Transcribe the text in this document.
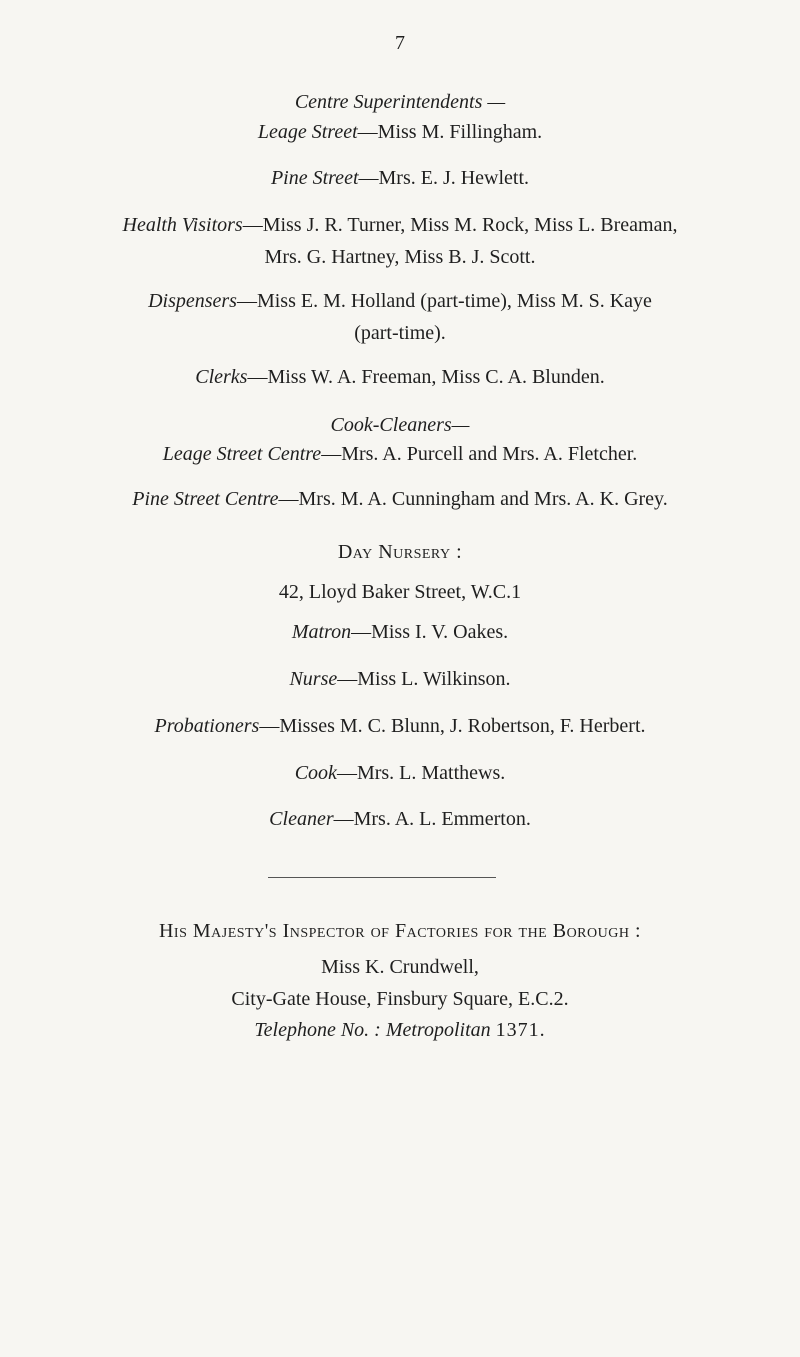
7
Centre Superintendents —
Leage Street—Miss M. Fillingham.
Pine Street—Mrs. E. J. Hewlett.
Health Visitors—Miss J. R. Turner, Miss M. Rock, Miss L. Breaman,
Mrs. G. Hartney, Miss B. J. Scott.
Dispensers—Miss E. M. Holland (part-time), Miss M. S. Kaye
(part-time).
Clerks—Miss W. A. Freeman, Miss C. A. Blunden.
Cook-Cleaners—
Leage Street Centre—Mrs. A. Purcell and Mrs. A. Fletcher.
Pine Street Centre—Mrs. M. A. Cunningham and Mrs. A. K. Grey.
Day Nursery :
42, Lloyd Baker Street, W.C.1
Matron—Miss I. V. Oakes.
Nurse—Miss L. Wilkinson.
Probationers—Misses M. C. Blunn, J. Robertson, F. Herbert.
Cook—Mrs. L. Matthews.
Cleaner—Mrs. A. L. Emmerton.
His Majesty's Inspector of Factories for the Borough :
Miss K. Crundwell,
City-Gate House, Finsbury Square, E.C.2.
Telephone No. : Metropolitan 1371.
